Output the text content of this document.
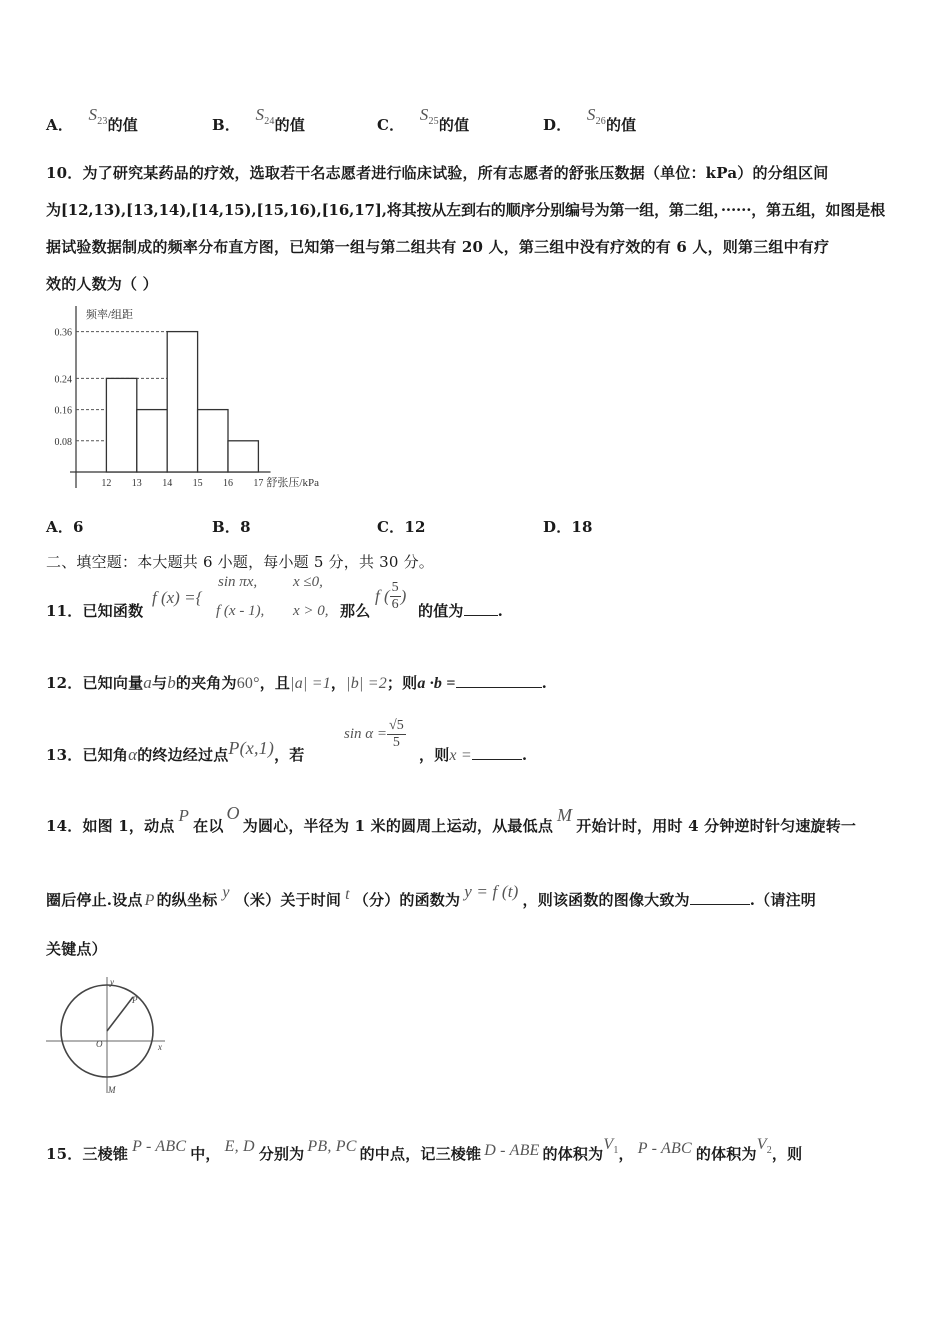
A． $S^{23}$的值	B． $S^{24}$的值	C． $S^{25}$的值	D． $S^{26}$的值
10．为了研究某药品的疗效，选取若干名志愿者进行临床试验，所有志愿者的舒张压数据（单位：kPa）的分组区间
为[12,13),[13,14),[14,15),[15,16),[16,17],将其按从左到右的顺序分别编号为第一组，第二组，······，第五组，如图是根
据试验数据制成的频率分布直方图，已知第一组与第二组共有 20 人，第三组中没有疗效的有 6 人，则第三组中有疗
效的人数为（ ）
频率/组距
0.08
0.16
0.24
0.36
12 13 14 15 16 17 舒张压/kPa
A．6	B．8	C．12	D．18
二、填空题：本大题共 6 小题，每小题 5 分，共 30 分。
11．已知函数
f (x) ={
sin πx, x ≤0,
f (x - 1), x > 0, 那么
f ( $\frac{5}{6}$ )
的值为 .
12．已知向量a与b的夹角为60°，且|a| =1，|b| =2；则a ·b =	.
13．已知角α的终边经过点P(x,1)，若
$\sin \alpha = \frac{√5}{5}$
，则x =	.
14．如图 1，动点P在以O为圆心，半径为 1 米的圆周上运动，从最低点M开始计时，用时 4 分钟逆时针匀速旋转一
圈后停止.设点 P 的纵坐标 y （米）关于时间 t （分）的函数为 y = f (t) ，则该函数的图像大致为	.（请注明
关键点）
y
x
O
P
M
15．三棱锥 P - ABC 中， E, D 分别为 PB, PC 的中点，记三棱锥 D - ABE 的体积为$V^1$， P - ABC 的体积为$V^2$，则
